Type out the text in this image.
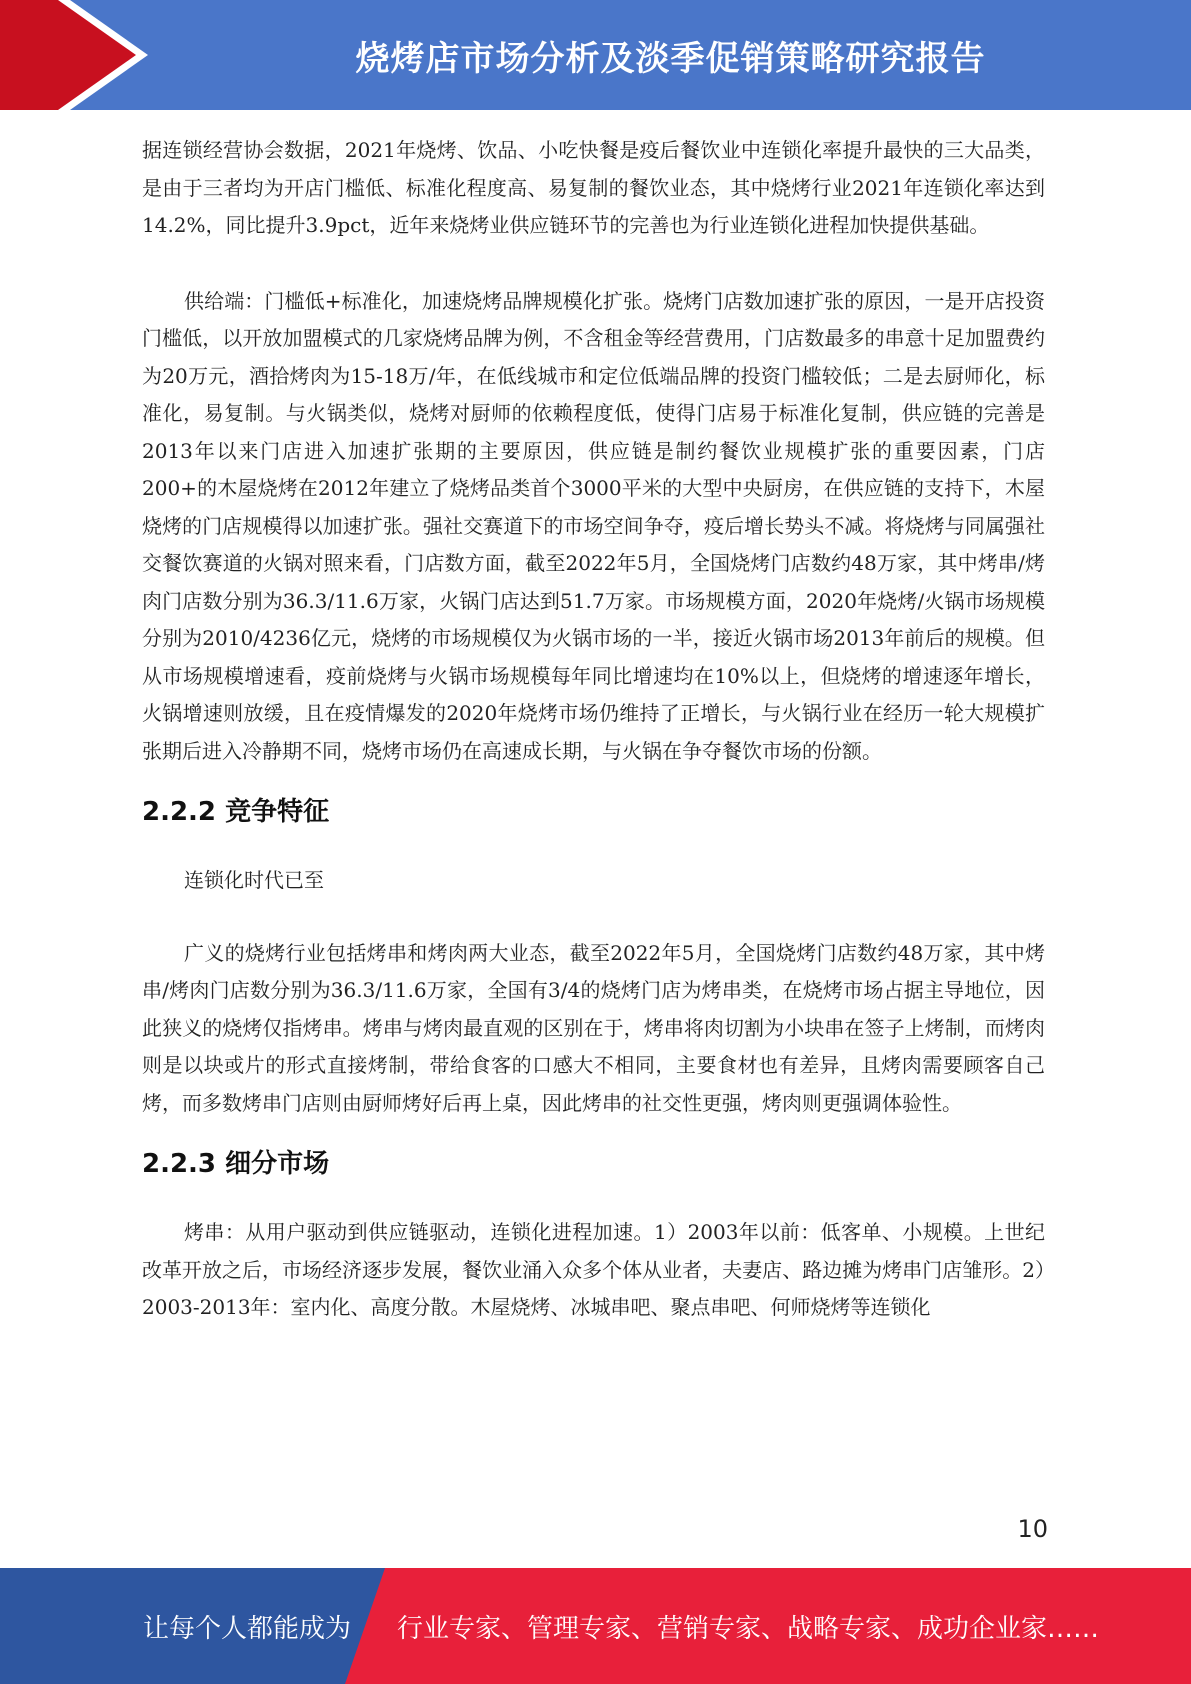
烧烤店市场分析及淡季促销策略研究报告

据连锁经营协会数据，2021年烧烤、饮品、小吃快餐是疫后餐饮业中连锁化率提升最快的三大品类，是由于三者均为开店门槛低、标准化程度高、易复制的餐饮业态，其中烧烤行业2021年连锁化率达到14.2%，同比提升3.9pct，近年来烧烤业供应链环节的完善也为行业连锁化进程加快提供基础。

供给端：门槛低+标准化，加速烧烤品牌规模化扩张。烧烤门店数加速扩张的原因，一是开店投资门槛低，以开放加盟模式的几家烧烤品牌为例，不含租金等经营费用，门店数最多的串意十足加盟费约为20万元，酒拾烤肉为15-18万/年，在低线城市和定位低端品牌的投资门槛较低；二是去厨师化，标准化，易复制。与火锅类似，烧烤对厨师的依赖程度低，使得门店易于标准化复制，供应链的完善是2013年以来门店进入加速扩张期的主要原因，供应链是制约餐饮业规模扩张的重要因素，门店200+的木屋烧烤在2012年建立了烧烤品类首个3000平米的大型中央厨房，在供应链的支持下，木屋烧烤的门店规模得以加速扩张。强社交赛道下的市场空间争夺，疫后增长势头不减。将烧烤与同属强社交餐饮赛道的火锅对照来看，门店数方面，截至2022年5月，全国烧烤门店数约48万家，其中烤串/烤肉门店数分别为36.3/11.6万家，火锅门店达到51.7万家。市场规模方面，2020年烧烤/火锅市场规模分别为2010/4236亿元，烧烤的市场规模仅为火锅市场的一半，接近火锅市场2013年前后的规模。但从市场规模增速看，疫前烧烤与火锅市场规模每年同比增速均在10%以上，但烧烤的增速逐年增长，火锅增速则放缓，且在疫情爆发的2020年烧烤市场仍维持了正增长，与火锅行业在经历一轮大规模扩张期后进入冷静期不同，烧烤市场仍在高速成长期，与火锅在争夺餐饮市场的份额。

2.2.2 竞争特征

连锁化时代已至

广义的烧烤行业包括烤串和烤肉两大业态，截至2022年5月，全国烧烤门店数约48万家，其中烤串/烤肉门店数分别为36.3/11.6万家，全国有3/4的烧烤门店为烤串类，在烧烤市场占据主导地位，因此狭义的烧烤仅指烤串。烤串与烤肉最直观的区别在于，烤串将肉切割为小块串在签子上烤制，而烤肉则是以块或片的形式直接烤制，带给食客的口感大不相同，主要食材也有差异，且烤肉需要顾客自己烤，而多数烤串门店则由厨师烤好后再上桌，因此烤串的社交性更强，烤肉则更强调体验性。

2.2.3 细分市场

烤串：从用户驱动到供应链驱动，连锁化进程加速。1）2003年以前：低客单、小规模。上世纪改革开放之后，市场经济逐步发展，餐饮业涌入众多个体从业者，夫妻店、路边摊为烤串门店雏形。2）2003-2013年：室内化、高度分散。木屋烧烤、冰城串吧、聚点串吧、何师烧烤等连锁化

10
让每个人都能成为 行业专家、管理专家、营销专家、战略专家、成功企业家……
